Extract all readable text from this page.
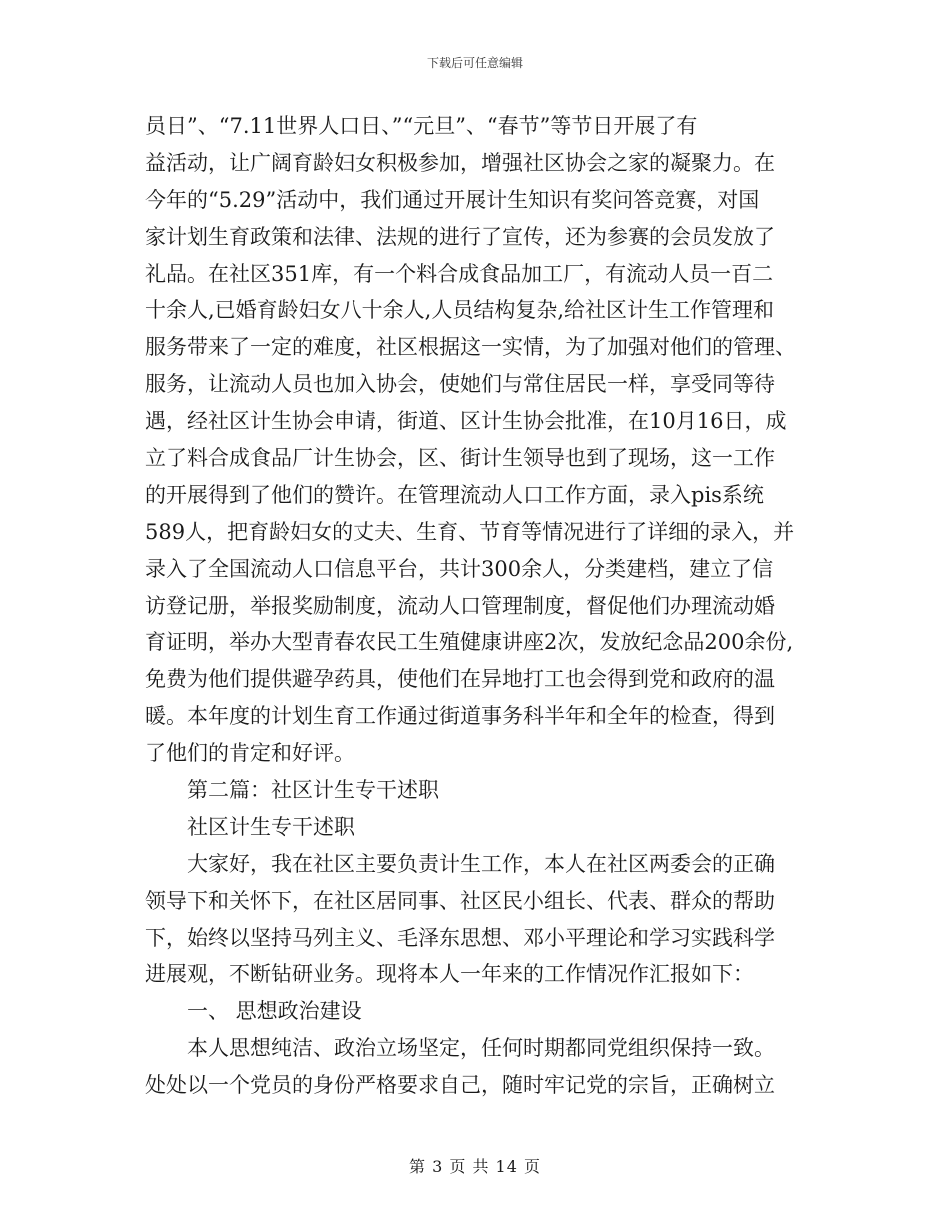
下载后可任意编辑
员日”、“7.11世界人口日、”“元旦”、“春节”等节日开展了有
益活动，让广阔育龄妇女积极参加，增强社区协会之家的凝聚力。在
今年的“5.29”活动中，我们通过开展计生知识有奖问答竞赛，对国
家计划生育政策和法律、法规的进行了宣传，还为参赛的会员发放了
礼品。在社区351库，有一个料合成食品加工厂，有流动人员一百二
十余人,已婚育龄妇女八十余人,人员结构复杂,给社区计生工作管理和
服务带来了一定的难度，社区根据这一实情，为了加强对他们的管理、
服务，让流动人员也加入协会，使她们与常住居民一样，享受同等待
遇，经社区计生协会申请，街道、区计生协会批准，在10月16日，成
立了料合成食品厂计生协会，区、街计生领导也到了现场，这一工作
的开展得到了他们的赞许。在管理流动人口工作方面，录入pis系统
589人，把育龄妇女的丈夫、生育、节育等情况进行了详细的录入，并
录入了全国流动人口信息平台，共计300余人，分类建档，建立了信
访登记册，举报奖励制度，流动人口管理制度，督促他们办理流动婚
育证明，举办大型青春农民工生殖健康讲座2次，发放纪念品200余份,
免费为他们提供避孕药具，使他们在异地打工也会得到党和政府的温
暖。本年度的计划生育工作通过街道事务科半年和全年的检查，得到
了他们的肯定和好评。
第二篇：社区计生专干述职
社区计生专干述职
大家好，我在社区主要负责计生工作，本人在社区两委会的正确
领导下和关怀下，在社区居同事、社区民小组长、代表、群众的帮助
下，始终以坚持马列主义、毛泽东思想、邓小平理论和学习实践科学
进展观，不断钻研业务。现将本人一年来的工作情况作汇报如下：
一、 思想政治建设
本人思想纯洁、政治立场坚定，任何时期都同党组织保持一致。
处处以一个党员的身份严格要求自己，随时牢记党的宗旨，正确树立
第 3 页 共 14 页
